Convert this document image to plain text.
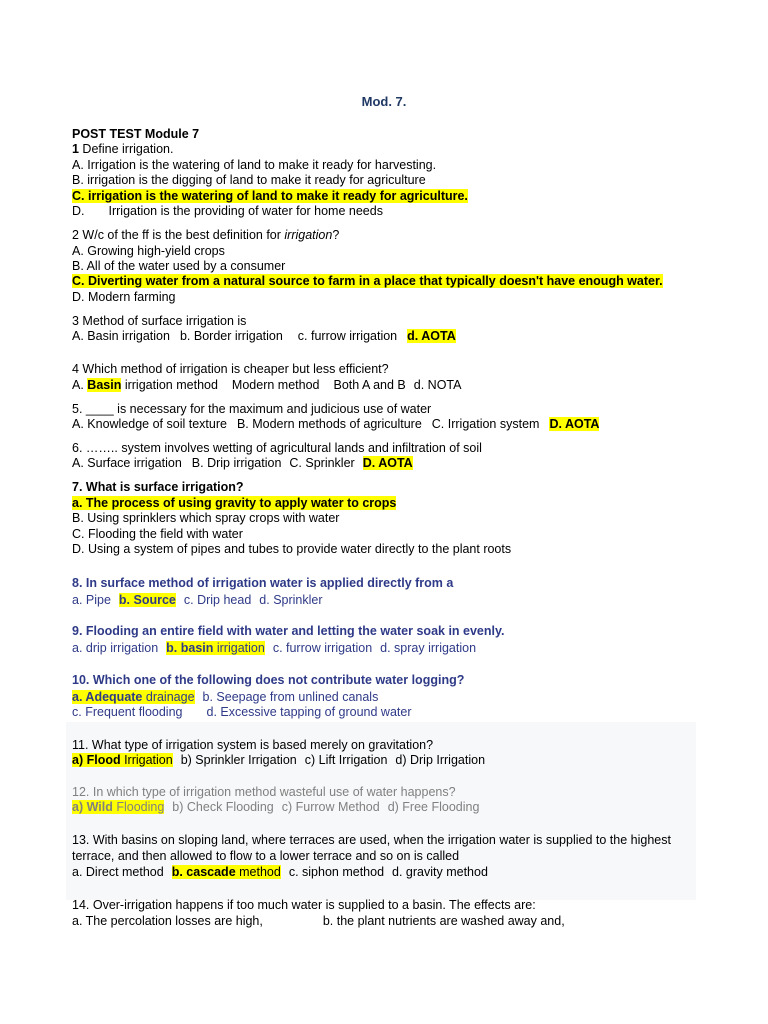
Mod. 7.
POST TEST Module 7
1 Define irrigation.
A. Irrigation is the watering of land to make it ready for harvesting.
B. irrigation is the digging of land to make it ready for agriculture
C. irrigation is the watering of land to make it ready for agriculture.
D. Irrigation is the providing of water for home needs
2 W/c of the ff is the best definition for irrigation?
A. Growing high-yield crops
B. All of the water used by a consumer
C. Diverting water from a natural source to farm in a place that typically doesn't have enough water.
D. Modern farming
3 Method of surface irrigation is
A. Basin irrigation b. Border irrigation c. furrow irrigation d. AOTA
4 Which method of irrigation is cheaper but less efficient?
A. Basin irrigation method Modern method Both A and B d. NOTA
5. ____ is necessary for the maximum and judicious use of water
A. Knowledge of soil texture B. Modern methods of agriculture C. Irrigation system D. AOTA
6. …….. system involves wetting of agricultural lands and infiltration of soil
A. Surface irrigation B. Drip irrigation C. Sprinkler D. AOTA
7. What is surface irrigation?
a. The process of using gravity to apply water to crops
B. Using sprinklers which spray crops with water
C. Flooding the field with water
D. Using a system of pipes and tubes to provide water directly to the plant roots
8. In surface method of irrigation water is applied directly from a
a. Pipe b. Source c. Drip head d. Sprinkler
9. Flooding an entire field with water and letting the water soak in evenly.
a. drip irrigation b. basin irrigation c. furrow irrigation d. spray irrigation
10. Which one of the following does not contribute water logging?
a. Adequate drainage b. Seepage from unlined canals
c. Frequent flooding d. Excessive tapping of ground water
11. What type of irrigation system is based merely on gravitation?
a) Flood Irrigation b) Sprinkler Irrigation c) Lift Irrigation d) Drip Irrigation
12. In which type of irrigation method wasteful use of water happens?
a) Wild Flooding b) Check Flooding c) Furrow Method d) Free Flooding
13. With basins on sloping land, where terraces are used, when the irrigation water is supplied to the highest
terrace, and then allowed to flow to a lower terrace and so on is called
a. Direct method b. cascade method c. siphon method d. gravity method
14. Over-irrigation happens if too much water is supplied to a basin. The effects are:
a. The percolation losses are high,	b. the plant nutrients are washed away and,
